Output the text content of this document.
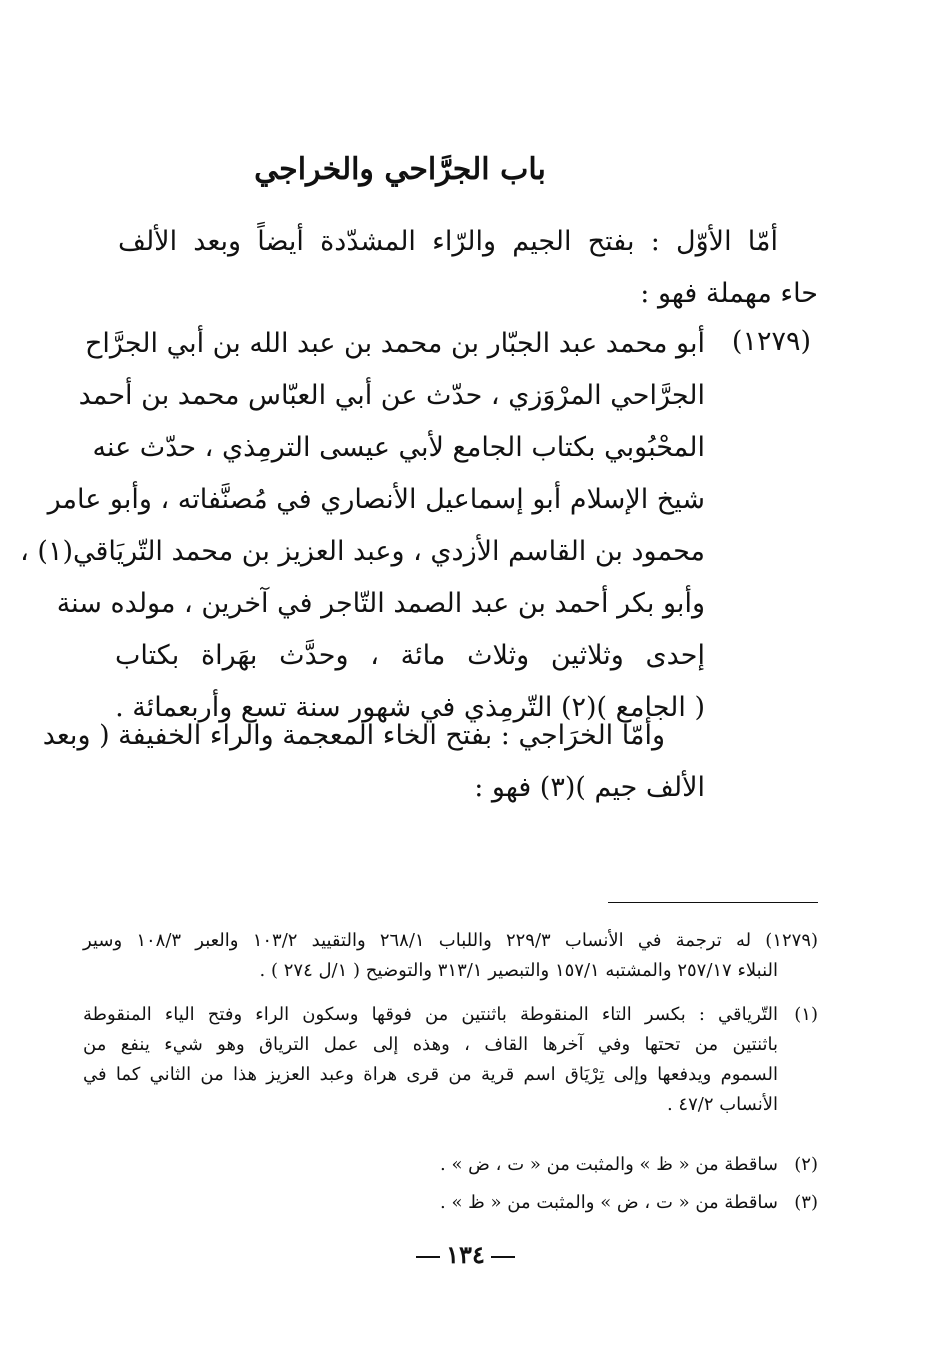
باب الجرَّاحي والخراجي
أمّا الأوّل : بفتح الجيم والرّاء المشدّدة أيضاً وبعد الألف
حاء مهملة فهو :
(١٢٧٩)
أبو محمد عبد الجبّار بن محمد بن عبد الله بن أبي الجرَّاح
الجرَّاحي المرْوَزي ، حدّث عن أبي العبّاس محمد بن أحمد
المحْبُوبي بكتاب الجامع لأبي عيسى الترمِذي ، حدّث عنه
شيخ الإسلام أبو إسماعيل الأنصاري في مُصنَّفاته ، وأبو عامر
محمود بن القاسم الأزدي ، وعبد العزيز بن محمد التّريَاقي(١) ،
وأبو بكر أحمد بن عبد الصمد التّاجر في آخرين ، مولده سنة
إحدى وثلاثين وثلاث مائة ، وحدَّث بهَراة بكتاب
( الجامع )(٢) التّرمِذي في شهور سنة تسع وأربعمائة .
وأمّا الخرَاجي : بفتح الخاء المعجمة والراء الخفيفة ( وبعد
الألف جيم )(٣) فهو :
(١٢٧٩) له ترجمة في الأنساب ٢٢٩/٣ واللباب ٢٦٨/١ والتقييد ١٠٣/٢ والعبر ١٠٨/٣ وسير
النبلاء ٢٥٧/١٧ والمشتبه ١٥٧/١ والتبصير ٣١٣/١ والتوضيح ( ١/ل ٢٧٤ ) .
(١)التّرياقي : بكسر التاء المنقوطة باثنتين من فوقها وسكون الراء وفتح الياء المنقوطة
باثنتين من تحتها وفي آخرها القاف ، وهذه إلى عمل الترياق وهو شيء ينفع من
السموم ويدفعها وإلى تِرْيَاق اسم قرية من قرى هراة وعبد العزيز هذا من الثاني كما في
الأنساب ٤٧/٢ .
(٢)ساقطة من « ظ » والمثبت من « ت ، ض » .
(٣)ساقطة من « ت ، ض » والمثبت من « ظ » .
١٣٤
